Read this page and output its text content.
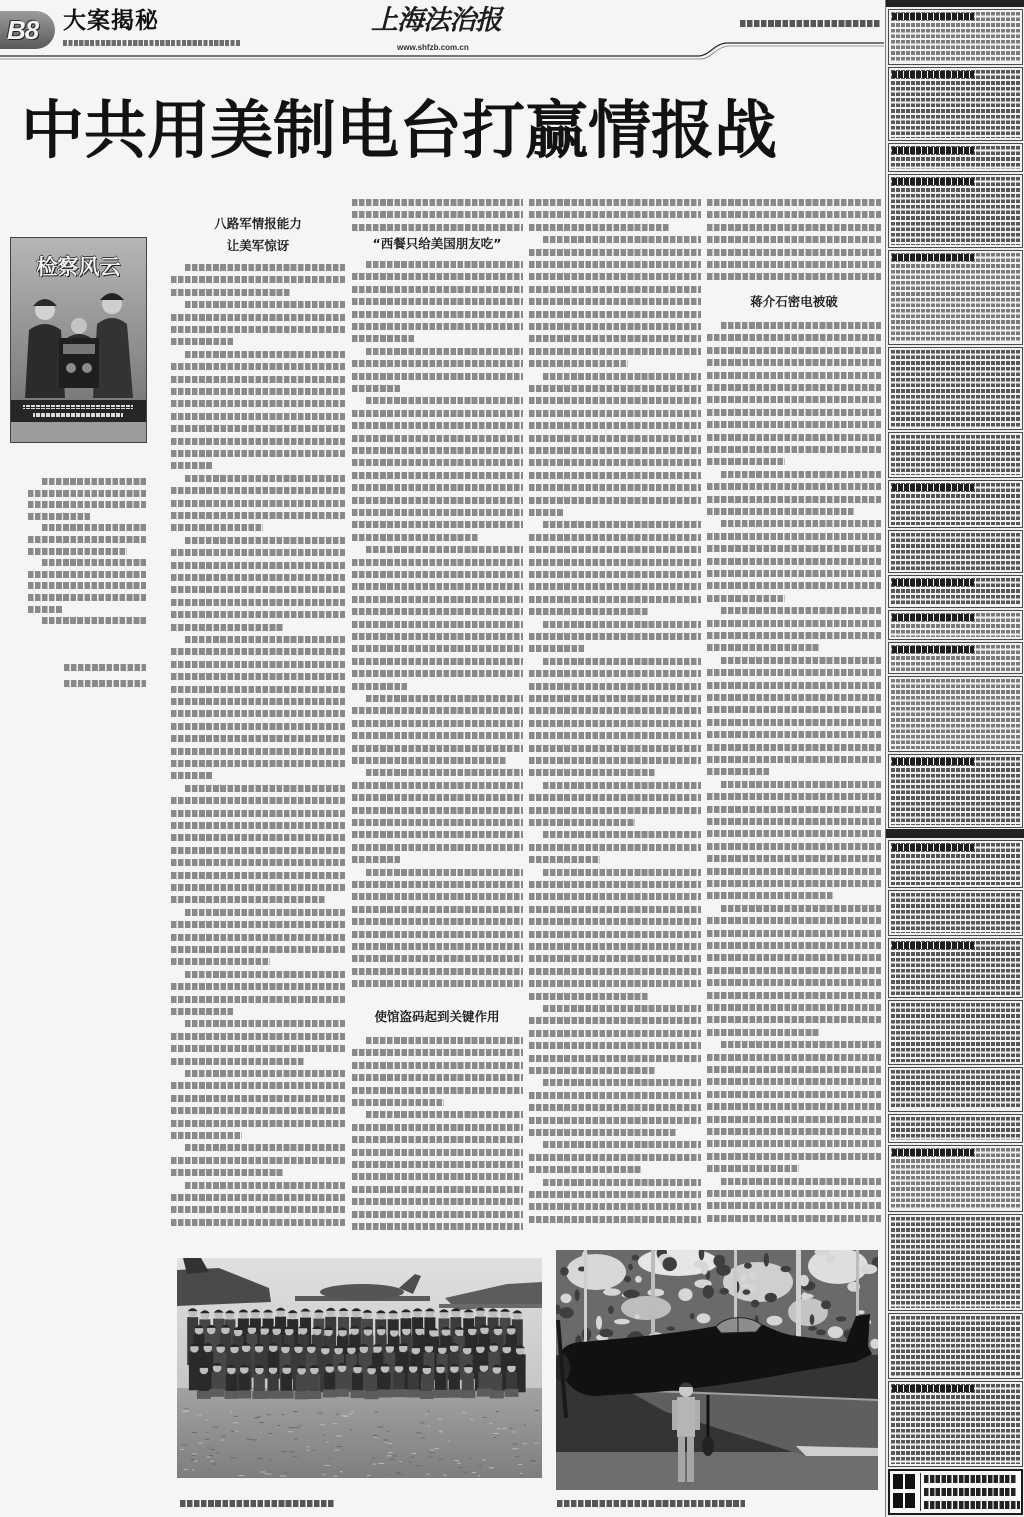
B8 大案揭秘	上海法治报
www.shfzb.com.cn
中共用美制电台打赢情报战
检察风云
八路军情报能力
让美军惊讶	“西餐只给美国朋友吃”
使馆盗码起到关键作用
蒋介石密电被破
